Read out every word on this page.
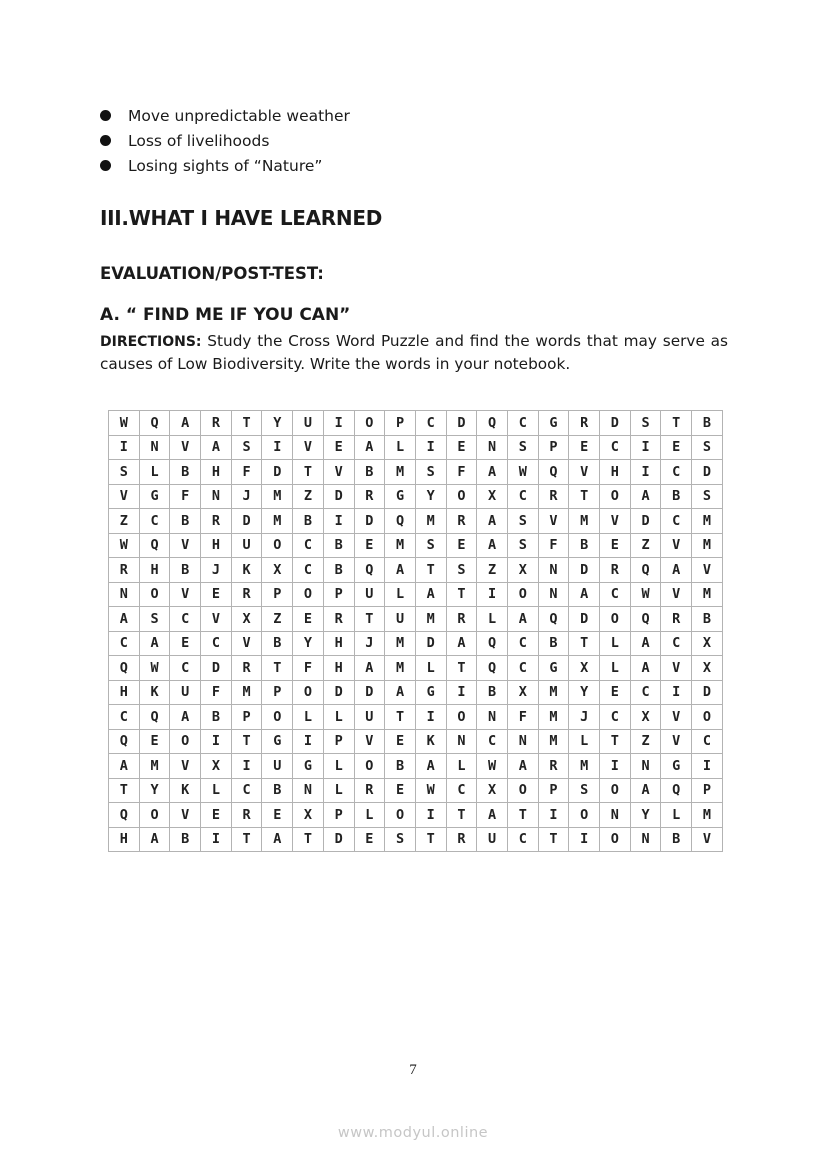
Move unpredictable weather
Loss of livelihoods
Losing sights of “Nature”
III.WHAT I HAVE LEARNED
EVALUATION/POST-TEST:
A. “ FIND ME IF YOU CAN”

DIRECTIONS: Study the Cross Word Puzzle and find the words that may serve as causes of Low Biodiversity. Write the words in your notebook.

W	Q	A	R	T	Y	U	I	O	P	C	D	Q	C	G	R	D	S	T	B
I	N	V	A	S	I	V	E	A	L	I	E	N	S	P	E	C	I	E	S
S	L	B	H	F	D	T	V	B	M	S	F	A	W	Q	V	H	I	C	D
V	G	F	N	J	M	Z	D	R	G	Y	O	X	C	R	T	O	A	B	S
Z	C	B	R	D	M	B	I	D	Q	M	R	A	S	V	M	V	D	C	M
W	Q	V	H	U	O	C	B	E	M	S	E	A	S	F	B	E	Z	V	M
R	H	B	J	K	X	C	B	Q	A	T	S	Z	X	N	D	R	Q	A	V
N	O	V	E	R	P	O	P	U	L	A	T	I	O	N	A	C	W	V	M
A	S	C	V	X	Z	E	R	T	U	M	R	L	A	Q	D	O	Q	R	B
C	A	E	C	V	B	Y	H	J	M	D	A	Q	C	B	T	L	A	C	X
Q	W	C	D	R	T	F	H	A	M	L	T	Q	C	G	X	L	A	V	X
H	K	U	F	M	P	O	D	D	A	G	I	B	X	M	Y	E	C	I	D
C	Q	A	B	P	O	L	L	U	T	I	O	N	F	M	J	C	X	V	O
Q	E	O	I	T	G	I	P	V	E	K	N	C	N	M	L	T	Z	V	C
A	M	V	X	I	U	G	L	O	B	A	L	W	A	R	M	I	N	G	I
T	Y	K	L	C	B	N	L	R	E	W	C	X	O	P	S	O	A	Q	P
Q	O	V	E	R	E	X	P	L	O	I	T	A	T	I	O	N	Y	L	M
H	A	B	I	T	A	T	D	E	S	T	R	U	C	T	I	O	N	B	V
7
www.modyul.online
